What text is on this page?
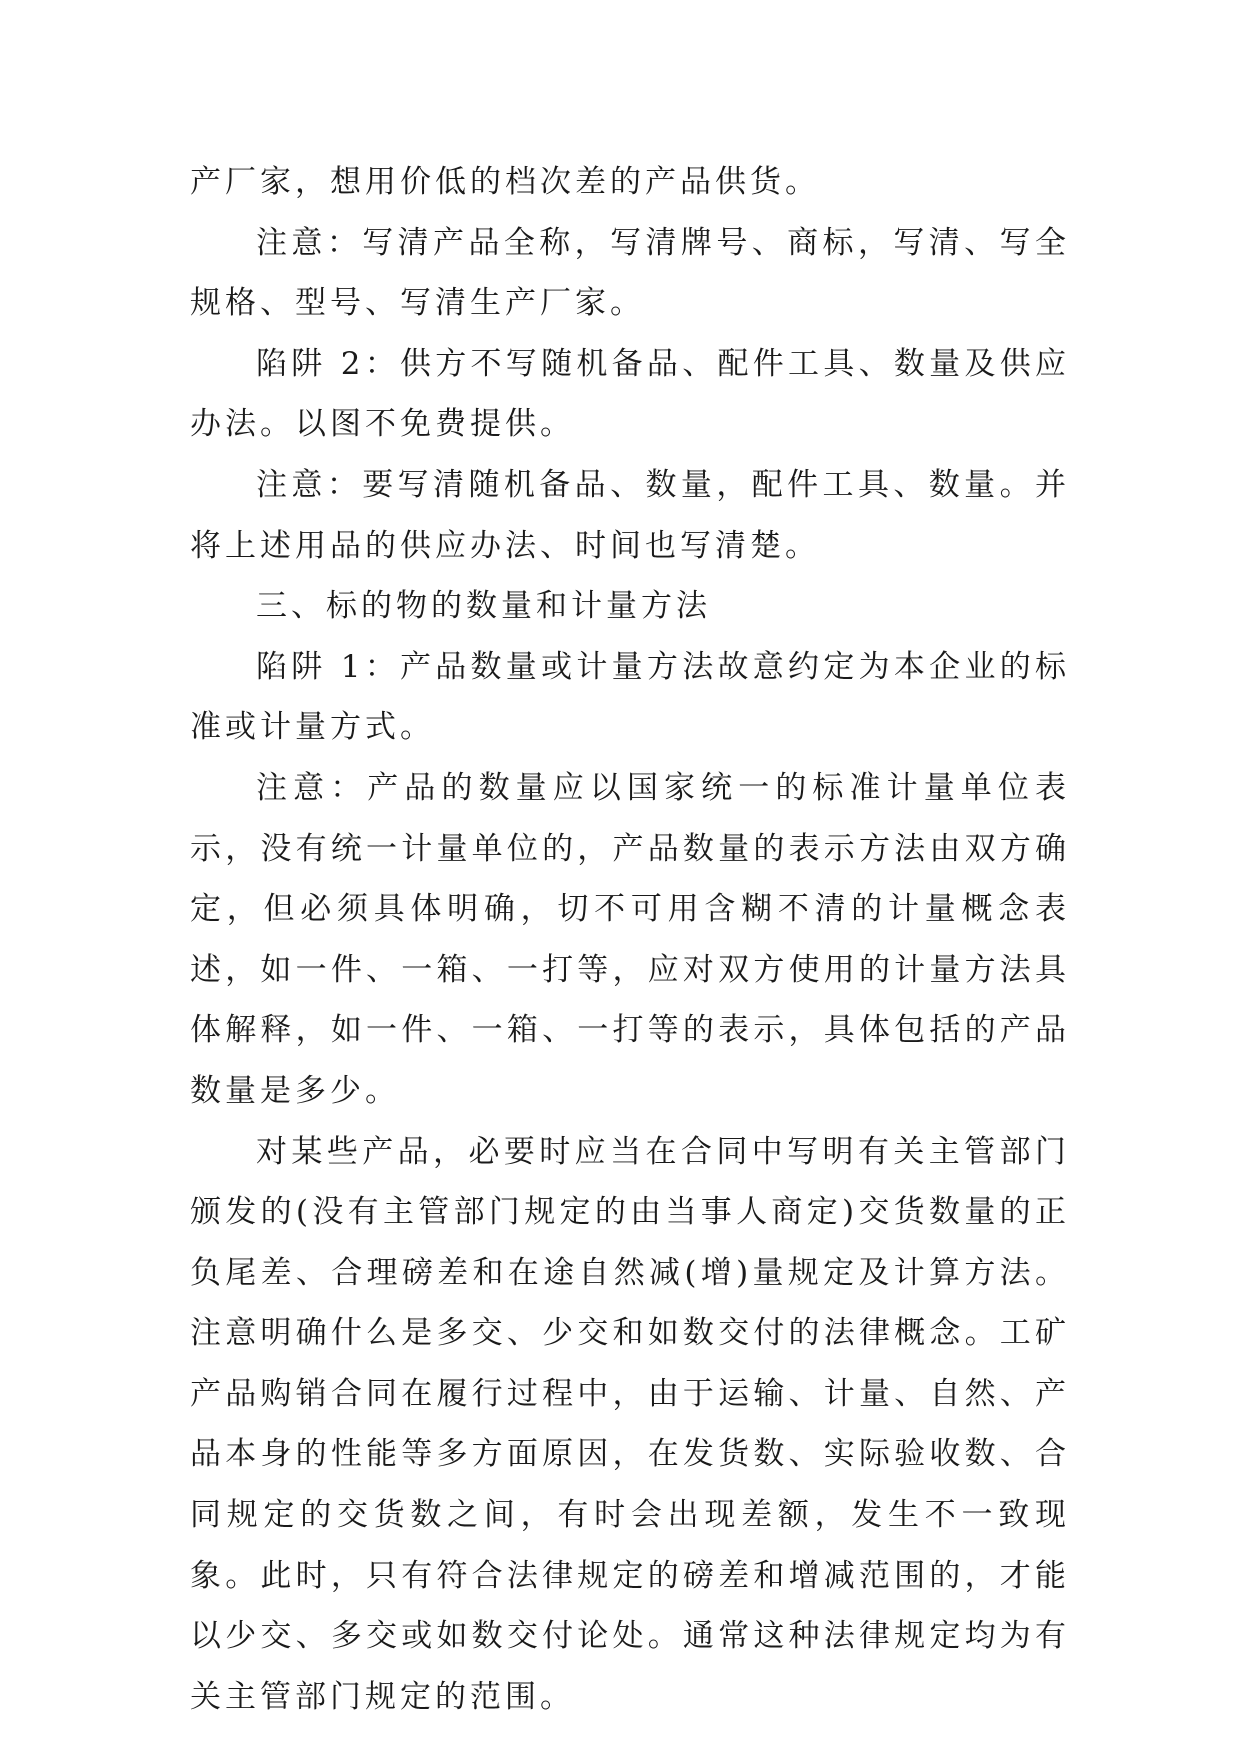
产厂家，想用价低的档次差的产品供货。

注意：写清产品全称，写清牌号、商标，写清、写全规格、型号、写清生产厂家。

陷阱 2：供方不写随机备品、配件工具、数量及供应办法。以图不免费提供。

注意：要写清随机备品、数量，配件工具、数量。并将上述用品的供应办法、时间也写清楚。

三、标的物的数量和计量方法

陷阱 1：产品数量或计量方法故意约定为本企业的标准或计量方式。

注意：产品的数量应以国家统一的标准计量单位表示，没有统一计量单位的，产品数量的表示方法由双方确定，但必须具体明确，切不可用含糊不清的计量概念表述，如一件、一箱、一打等，应对双方使用的计量方法具体解释，如一件、一箱、一打等的表示，具体包括的产品数量是多少。

对某些产品，必要时应当在合同中写明有关主管部门颁发的(没有主管部门规定的由当事人商定)交货数量的正负尾差、合理磅差和在途自然减(增)量规定及计算方法。注意明确什么是多交、少交和如数交付的法律概念。工矿产品购销合同在履行过程中，由于运输、计量、自然、产品本身的性能等多方面原因，在发货数、实际验收数、合同规定的交货数之间，有时会出现差额，发生不一致现象。此时，只有符合法律规定的磅差和增减范围的，才能以少交、多交或如数交付论处。通常这种法律规定均为有关主管部门规定的范围。
